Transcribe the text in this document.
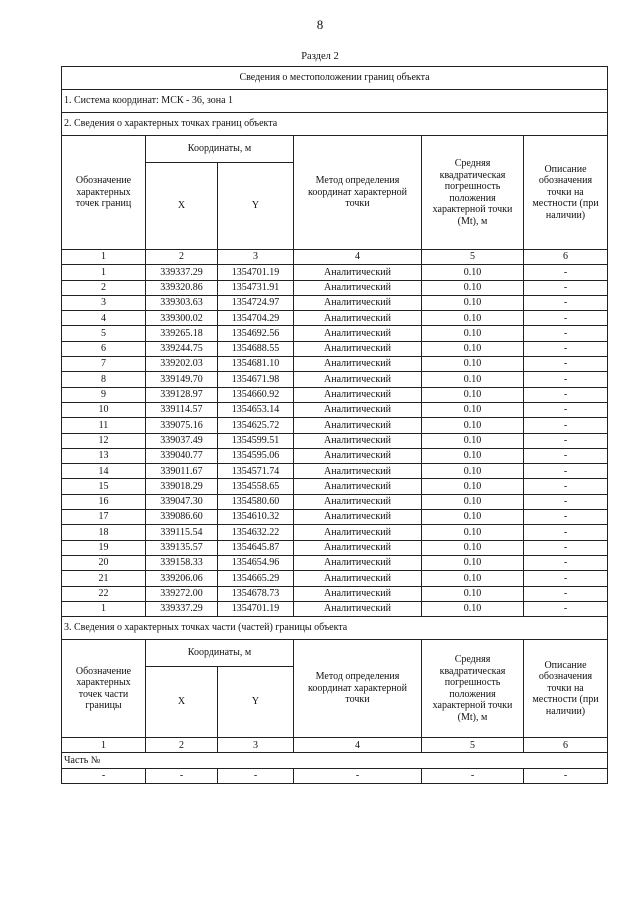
8
Раздел 2
Сведения о местоположении границ объекта					
1. Система координат: МСК - 36, зона 1					
2. Сведения о характерных точках границ объекта					
Обозначение характерных точек границ	Координаты, м		Метод определения координат характерной точки	Средняя квадратическая погрешность положения характерной точки (Mt), м	Описание обозначения точки на местности (при наличии)
	X	Y			
1	2	3	4	5	6
1	339337.29	1354701.19	Аналитический	0.10	-
2	339320.86	1354731.91	Аналитический	0.10	-
3	339303.63	1354724.97	Аналитический	0.10	-
4	339300.02	1354704.29	Аналитический	0.10	-
5	339265.18	1354692.56	Аналитический	0.10	-
6	339244.75	1354688.55	Аналитический	0.10	-
7	339202.03	1354681.10	Аналитический	0.10	-
8	339149.70	1354671.98	Аналитический	0.10	-
9	339128.97	1354660.92	Аналитический	0.10	-
10	339114.57	1354653.14	Аналитический	0.10	-
11	339075.16	1354625.72	Аналитический	0.10	-
12	339037.49	1354599.51	Аналитический	0.10	-
13	339040.77	1354595.06	Аналитический	0.10	-
14	339011.67	1354571.74	Аналитический	0.10	-
15	339018.29	1354558.65	Аналитический	0.10	-
16	339047.30	1354580.60	Аналитический	0.10	-
17	339086.60	1354610.32	Аналитический	0.10	-
18	339115.54	1354632.22	Аналитический	0.10	-
19	339135.57	1354645.87	Аналитический	0.10	-
20	339158.33	1354654.96	Аналитический	0.10	-
21	339206.06	1354665.29	Аналитический	0.10	-
22	339272.00	1354678.73	Аналитический	0.10	-
1	339337.29	1354701.19	Аналитический	0.10	-
3. Сведения о характерных точках части (частей) границы объекта					
Обозначение характерных точек части границы	Координаты, м		Метод определения координат характерной точки	Средняя квадратическая погрешность положения характерной точки (Mt), м	Описание обозначения точки на местности (при наличии)
	X	Y			
1	2	3	4	5	6
Часть №					
-	-	-	-	-	-
